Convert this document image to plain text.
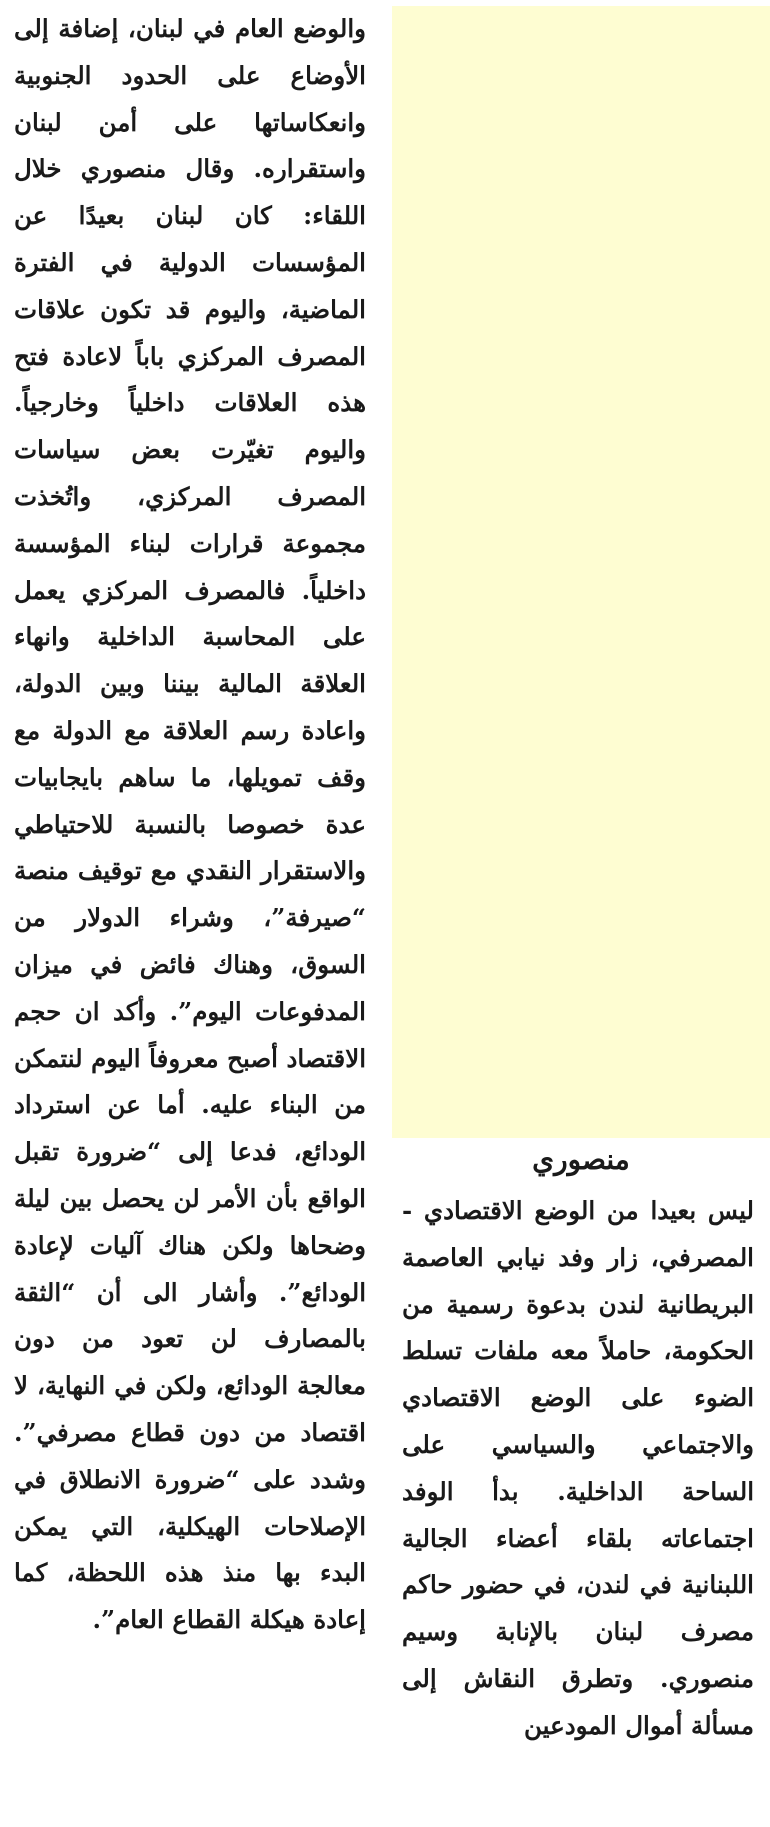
والوضع العام في لبنان، إضافة إلى الأوضاع على الحدود الجنوبية وانعكاساتها على أمن لبنان واستقراره. وقال منصوري خلال اللقاء: كان لبنان بعيدًا عن المؤسسات الدولية في الفترة الماضية، واليوم قد تكون علاقات المصرف المركزي باباً لاعادة فتح هذه العلاقات داخلياً وخارجياً. واليوم تغيّرت بعض سياسات المصرف المركزي، واتُخذت مجموعة قرارات لبناء المؤسسة داخلياً. فالمصرف المركزي يعمل على المحاسبة الداخلية وانهاء العلاقة المالية بيننا وبين الدولة، واعادة رسم العلاقة مع الدولة مع وقف تمويلها، ما ساهم بايجابيات عدة خصوصا بالنسبة للاحتياطي والاستقرار النقدي مع توقيف منصة “صيرفة”، وشراء الدولار من السوق، وهناك فائض في ميزان المدفوعات اليوم”. وأكد ان حجم الاقتصاد أصبح معروفاً اليوم لنتمكن من البناء عليه. أما عن استرداد الودائع، فدعا إلى “ضرورة تقبل الواقع بأن الأمر لن يحصل بين ليلة وضحاها ولكن هناك آليات لإعادة الودائع”. وأشار الى أن “الثقة بالمصارف لن تعود من دون معالجة الودائع، ولكن في النهاية، لا اقتصاد من دون قطاع مصرفي”. وشدد على “ضرورة الانطلاق في الإصلاحات الهيكلية، التي يمكن البدء بها منذ هذه اللحظة، كما إعادة هيكلة القطاع العام”.

منصوري

ليس بعيدا من الوضع الاقتصادي - المصرفي، زار وفد نيابي العاصمة البريطانية لندن بدعوة رسمية من الحكومة، حاملاً معه ملفات تسلط الضوء على الوضع الاقتصادي والاجتماعي والسياسي على الساحة الداخلية. بدأ الوفد اجتماعاته بلقاء أعضاء الجالية اللبنانية في لندن، في حضور حاكم مصرف لبنان بالإنابة وسيم منصوري. وتطرق النقاش إلى مسألة أموال المودعين
